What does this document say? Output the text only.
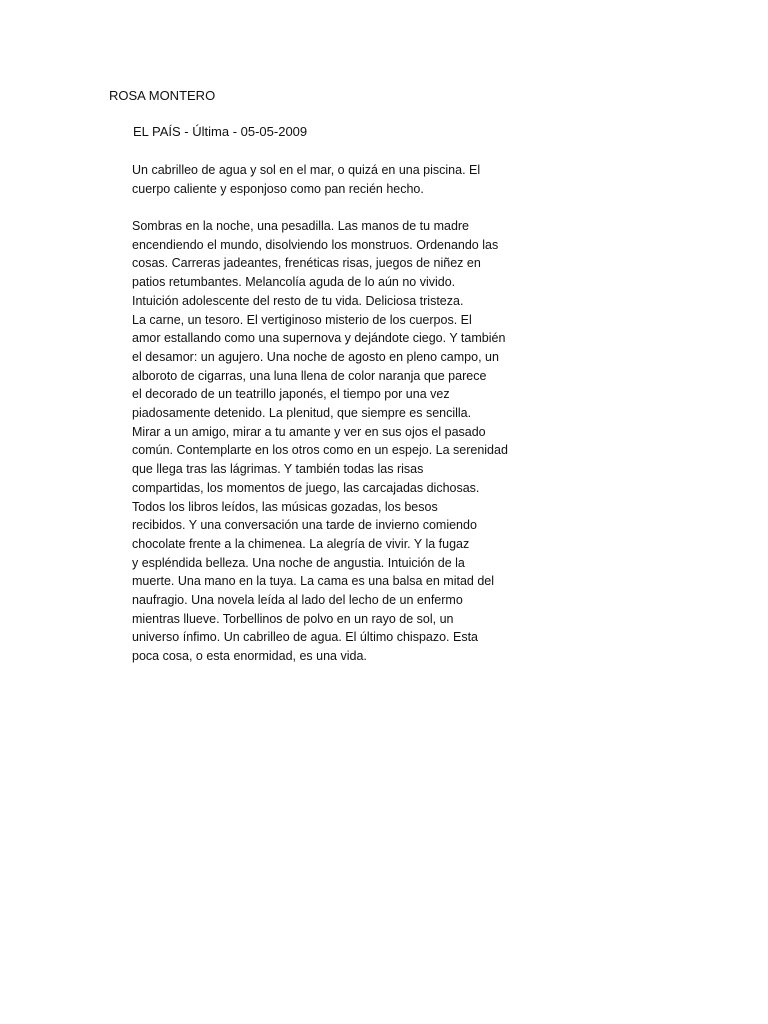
ROSA MONTERO
EL PAÍS - Última - 05-05-2009
Un cabrilleo de agua y sol en el mar, o quizá en una piscina. El
cuerpo caliente y esponjoso como pan recién hecho.
Sombras en la noche, una pesadilla. Las manos de tu madre
encendiendo el mundo, disolviendo los monstruos. Ordenando las
cosas. Carreras jadeantes, frenéticas risas, juegos de niñez en
patios retumbantes. Melancolía aguda de lo aún no vivido.
Intuición adolescente del resto de tu vida. Deliciosa tristeza.
La carne, un tesoro. El vertiginoso misterio de los cuerpos. El
amor estallando como una supernova y dejándote ciego. Y también
el desamor: un agujero. Una noche de agosto en pleno campo, un
alboroto de cigarras, una luna llena de color naranja que parece
el decorado de un teatrillo japonés, el tiempo por una vez
piadosamente detenido. La plenitud, que siempre es sencilla.
Mirar a un amigo, mirar a tu amante y ver en sus ojos el pasado
común. Contemplarte en los otros como en un espejo. La serenidad
que llega tras las lágrimas. Y también todas las risas
compartidas, los momentos de juego, las carcajadas dichosas.
Todos los libros leídos, las músicas gozadas, los besos
recibidos. Y una conversación una tarde de invierno comiendo
chocolate frente a la chimenea. La alegría de vivir. Y la fugaz
y espléndida belleza. Una noche de angustia. Intuición de la
muerte. Una mano en la tuya. La cama es una balsa en mitad del
naufragio. Una novela leída al lado del lecho de un enfermo
mientras llueve. Torbellinos de polvo en un rayo de sol, un
universo ínfimo. Un cabrilleo de agua. El último chispazo. Esta
poca cosa, o esta enormidad, es una vida.
